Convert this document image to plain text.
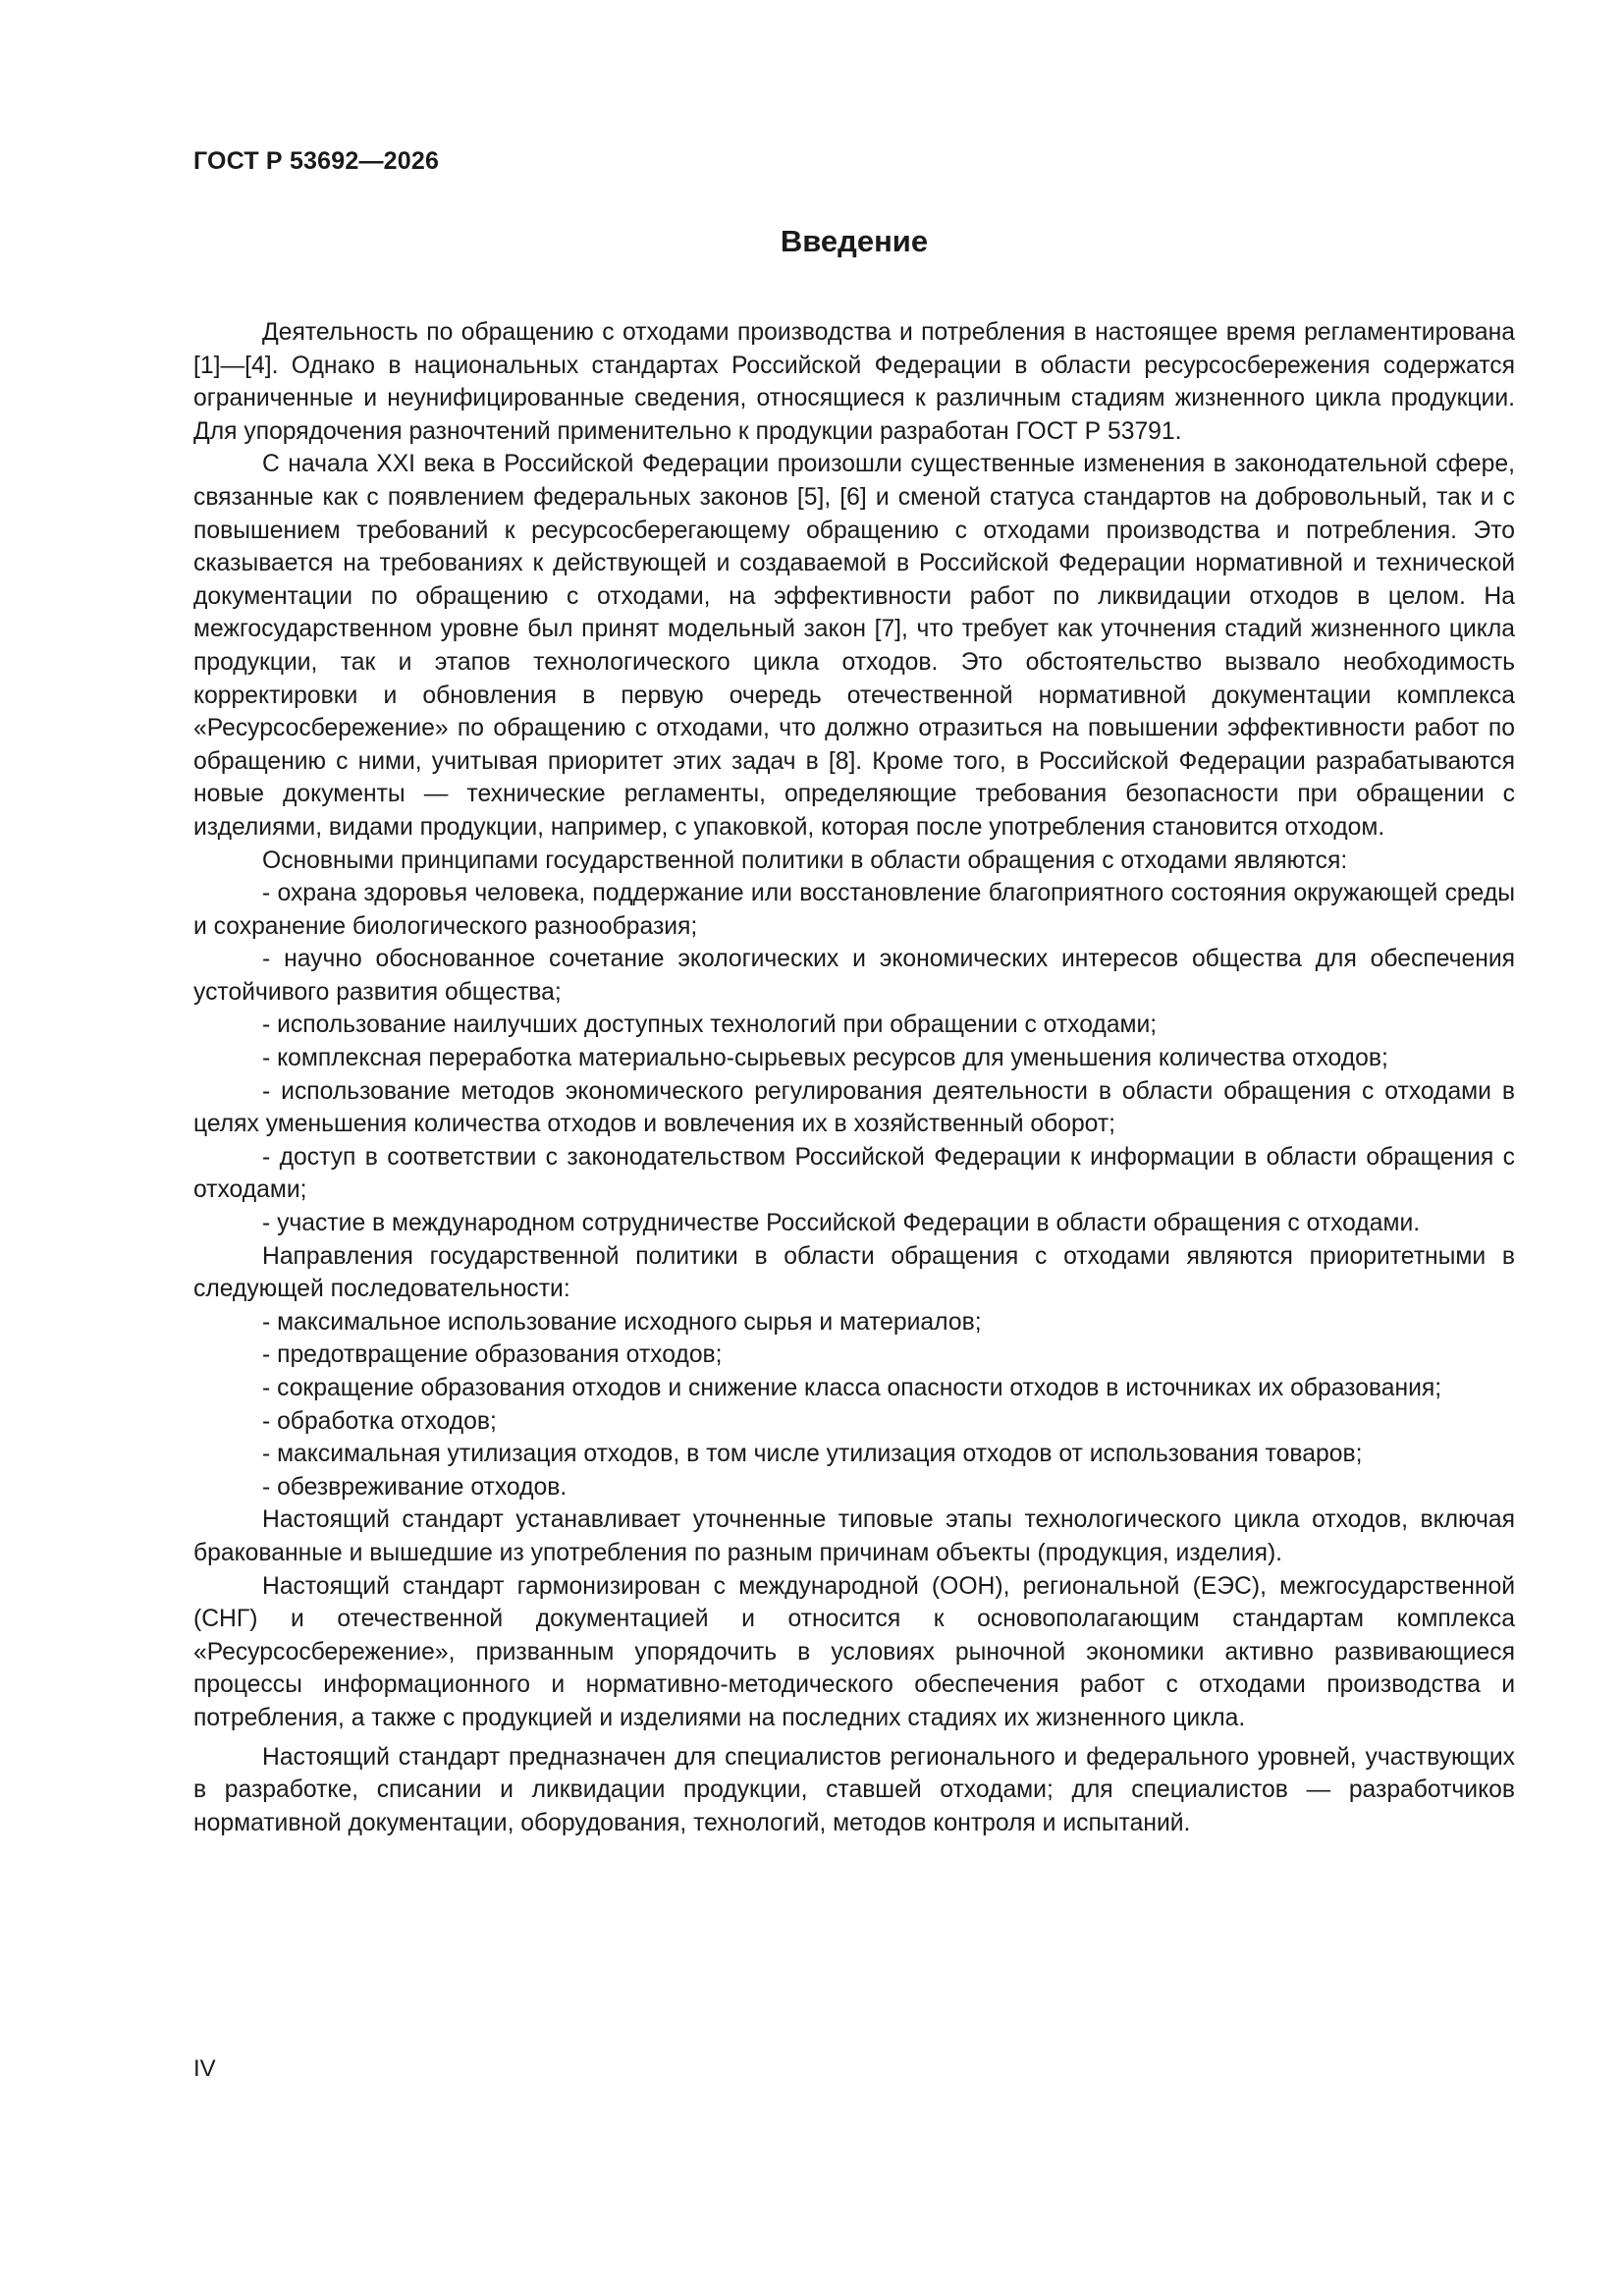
ГОСТ Р 53692—2026
Введение

Деятельность по обращению с отходами производства и потребления в настоящее время регламентирована [1]—[4]. Однако в национальных стандартах Российской Федерации в области ресурсосбережения содержатся ограниченные и неунифицированные сведения, относящиеся к различным стадиям жизненного цикла продукции. Для упорядочения разночтений применительно к продукции разработан ГОСТ Р 53791.

С начала XXI века в Российской Федерации произошли существенные изменения в законодательной сфере, связанные как с появлением федеральных законов [5], [6] и сменой статуса стандартов на добровольный, так и с повышением требований к ресурсосберегающему обращению с отходами производства и потребления. Это сказывается на требованиях к действующей и создаваемой в Российской Федерации нормативной и технической документации по обращению с отходами, на эффективности работ по ликвидации отходов в целом. На межгосударственном уровне был принят модельный закон [7], что требует как уточнения стадий жизненного цикла продукции, так и этапов технологического цикла отходов. Это обстоятельство вызвало необходимость корректировки и обновления в первую очередь отечественной нормативной документации комплекса «Ресурсосбережение» по обращению с отходами, что должно отразиться на повышении эффективности работ по обращению с ними, учитывая приоритет этих задач в [8]. Кроме того, в Российской Федерации разрабатываются новые документы — технические регламенты, определяющие требования безопасности при обращении с изделиями, видами продукции, например, с упаковкой, которая после употребления становится отходом.

Основными принципами государственной политики в области обращения с отходами являются:

- охрана здоровья человека, поддержание или восстановление благоприятного состояния окружающей среды и сохранение биологического разнообразия;

- научно обоснованное сочетание экологических и экономических интересов общества для обеспечения устойчивого развития общества;

- использование наилучших доступных технологий при обращении с отходами;

- комплексная переработка материально-сырьевых ресурсов для уменьшения количества отходов;

- использование методов экономического регулирования деятельности в области обращения с отходами в целях уменьшения количества отходов и вовлечения их в хозяйственный оборот;

- доступ в соответствии с законодательством Российской Федерации к информации в области обращения с отходами;

- участие в международном сотрудничестве Российской Федерации в области обращения с отходами.

Направления государственной политики в области обращения с отходами являются приоритетными в следующей последовательности:

- максимальное использование исходного сырья и материалов;

- предотвращение образования отходов;

- сокращение образования отходов и снижение класса опасности отходов в источниках их образования;

- обработка отходов;

- максимальная утилизация отходов, в том числе утилизация отходов от использования товаров;

- обезвреживание отходов.

Настоящий стандарт устанавливает уточненные типовые этапы технологического цикла отходов, включая бракованные и вышедшие из употребления по разным причинам объекты (продукция, изделия).

Настоящий стандарт гармонизирован с международной (ООН), региональной (ЕЭС), межгосударственной (СНГ) и отечественной документацией и относится к основополагающим стандартам комплекса «Ресурсосбережение», призванным упорядочить в условиях рыночной экономики активно развивающиеся процессы информационного и нормативно-методического обеспечения работ с отходами производства и потребления, а также с продукцией и изделиями на последних стадиях их жизненного цикла.

Настоящий стандарт предназначен для специалистов регионального и федерального уровней, участвующих в разработке, списании и ликвидации продукции, ставшей отходами; для специалистов — разработчиков нормативной документации, оборудования, технологий, методов контроля и испытаний.

IV
